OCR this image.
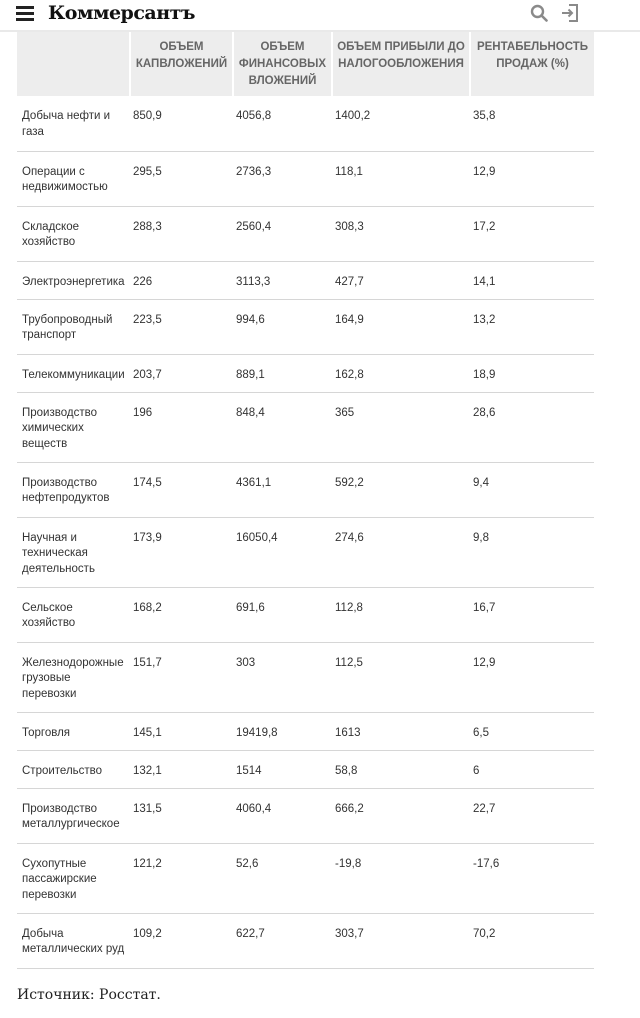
Коммерсантъ
	ОБЪЕМ КАПВЛОЖЕНИЙ	ОБЪЕМ ФИНАНСОВЫХ ВЛОЖЕНИЙ	ОБЪЕМ ПРИБЫЛИ ДО НАЛОГООБЛОЖЕНИЯ	РЕНТАБЕЛЬНОСТЬ ПРОДАЖ (%)
Добыча нефти и газа	850,9	4056,8	1400,2	35,8
Операции с недвижимостью	295,5	2736,3	118,1	12,9
Складское хозяйство	288,3	2560,4	308,3	17,2
Электроэнергетика	226	3113,3	427,7	14,1
Трубопроводный транспорт	223,5	994,6	164,9	13,2
Телекоммуникации	203,7	889,1	162,8	18,9
Производство химических веществ	196	848,4	365	28,6
Производство нефтепродуктов	174,5	4361,1	592,2	9,4
Научная и техническая деятельность	173,9	16050,4	274,6	9,8
Сельское хозяйство	168,2	691,6	112,8	16,7
Железнодорожные грузовые перевозки	151,7	303	112,5	12,9
Торговля	145,1	19419,8	1613	6,5
Строительство	132,1	1514	58,8	6
Производство металлургическое	131,5	4060,4	666,2	22,7
Сухопутные пассажирские перевозки	121,2	52,6	-19,8	-17,6
Добыча металлических руд	109,2	622,7	303,7	70,2
Источник: Росстат.
